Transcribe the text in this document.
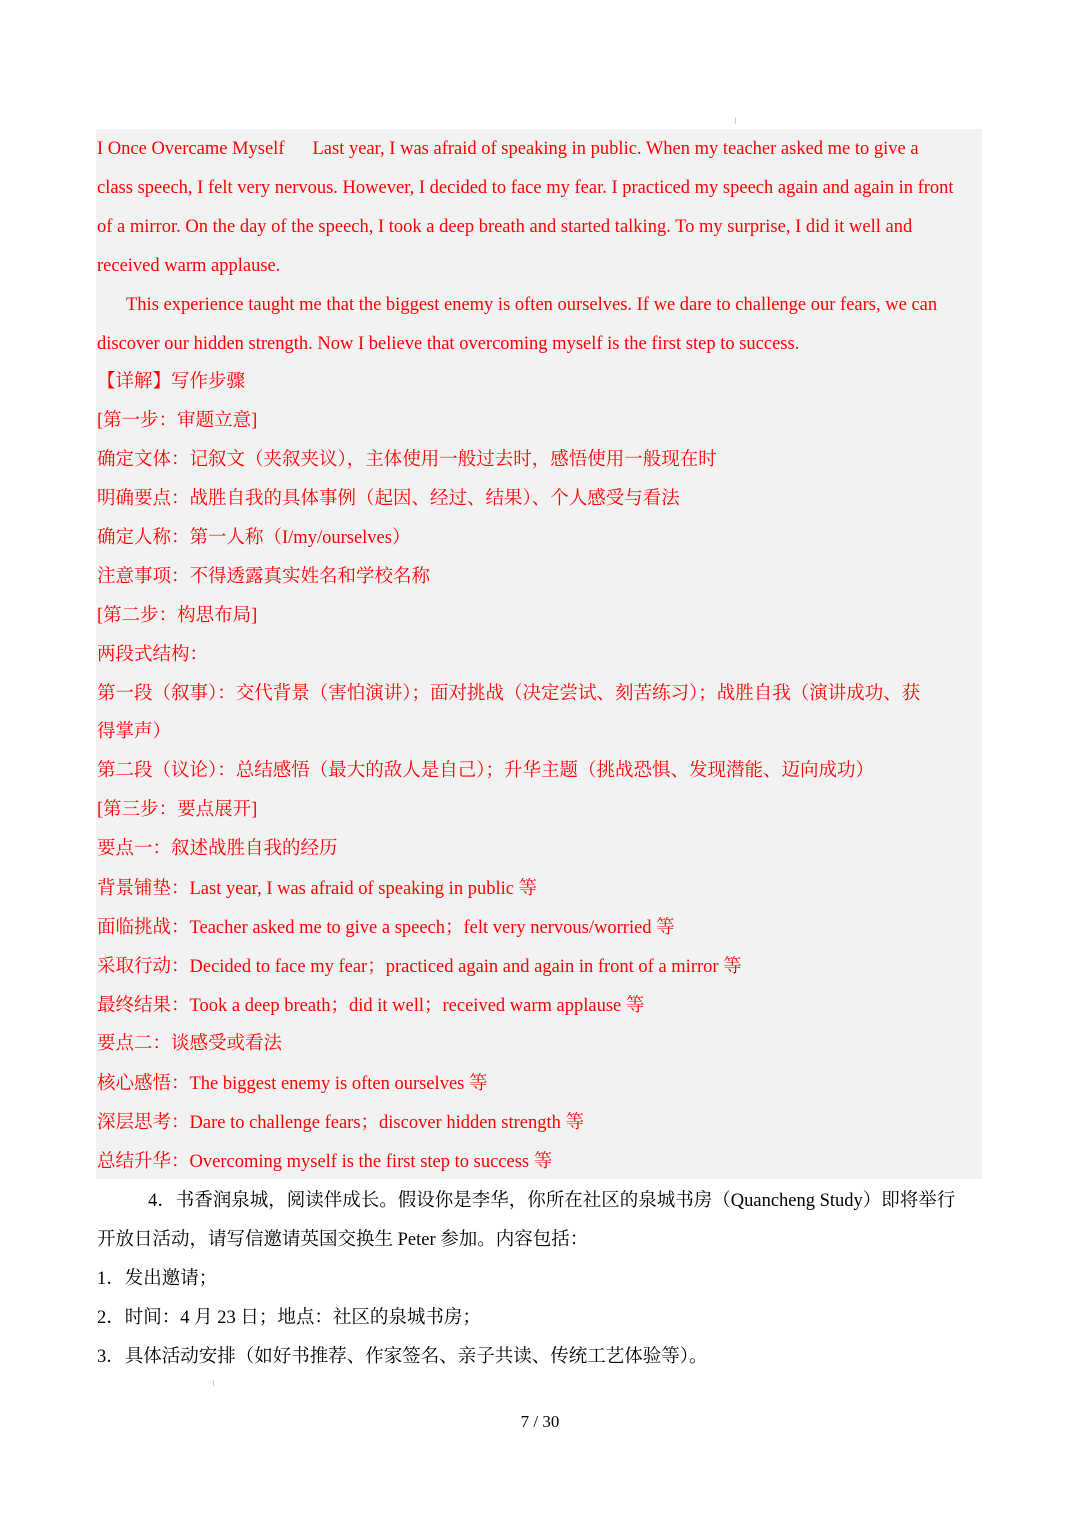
I Once Overcame Myself Last year, I was afraid of speaking in public. When my teacher asked me to give a
class speech, I felt very nervous. However, I decided to face my fear. I practiced my speech again and again in front
of a mirror. On the day of the speech, I took a deep breath and started talking. To my surprise, I did it well and
received warm applause.
This experience taught me that the biggest enemy is often ourselves. If we dare to challenge our fears, we can
discover our hidden strength. Now I believe that overcoming myself is the first step to success.
【详解】写作步骤
[第一步：审题立意]
确定文体：记叙文（夹叙夹议），主体使用一般过去时，感悟使用一般现在时
明确要点：战胜自我的具体事例（起因、经过、结果）、个人感受与看法
确定人称：第一人称（I/my/ourselves）
注意事项：不得透露真实姓名和学校名称
[第二步：构思布局]
两段式结构：
第一段（叙事）：交代背景（害怕演讲）；面对挑战（决定尝试、刻苦练习）；战胜自我（演讲成功、获
得掌声）
第二段（议论）：总结感悟（最大的敌人是自己）；升华主题（挑战恐惧、发现潜能、迈向成功）
[第三步：要点展开]
要点一：叙述战胜自我的经历
背景铺垫：Last year, I was afraid of speaking in public 等
面临挑战：Teacher asked me to give a speech；felt very nervous/worried 等
采取行动：Decided to face my fear；practiced again and again in front of a mirror 等
最终结果：Took a deep breath；did it well；received warm applause 等
要点二：谈感受或看法
核心感悟：The biggest enemy is often ourselves 等
深层思考：Dare to challenge fears；discover hidden strength 等
总结升华：Overcoming myself is the first step to success 等
4．书香润泉城，阅读伴成长。假设你是李华，你所在社区的泉城书房（Quancheng Study）即将举行
开放日活动，请写信邀请英国交换生 Peter 参加。内容包括：
1．发出邀请；
2．时间：4 月 23 日；地点：社区的泉城书房；
3．具体活动安排（如好书推荐、作家签名、亲子共读、传统工艺体验等）。
7 / 30
